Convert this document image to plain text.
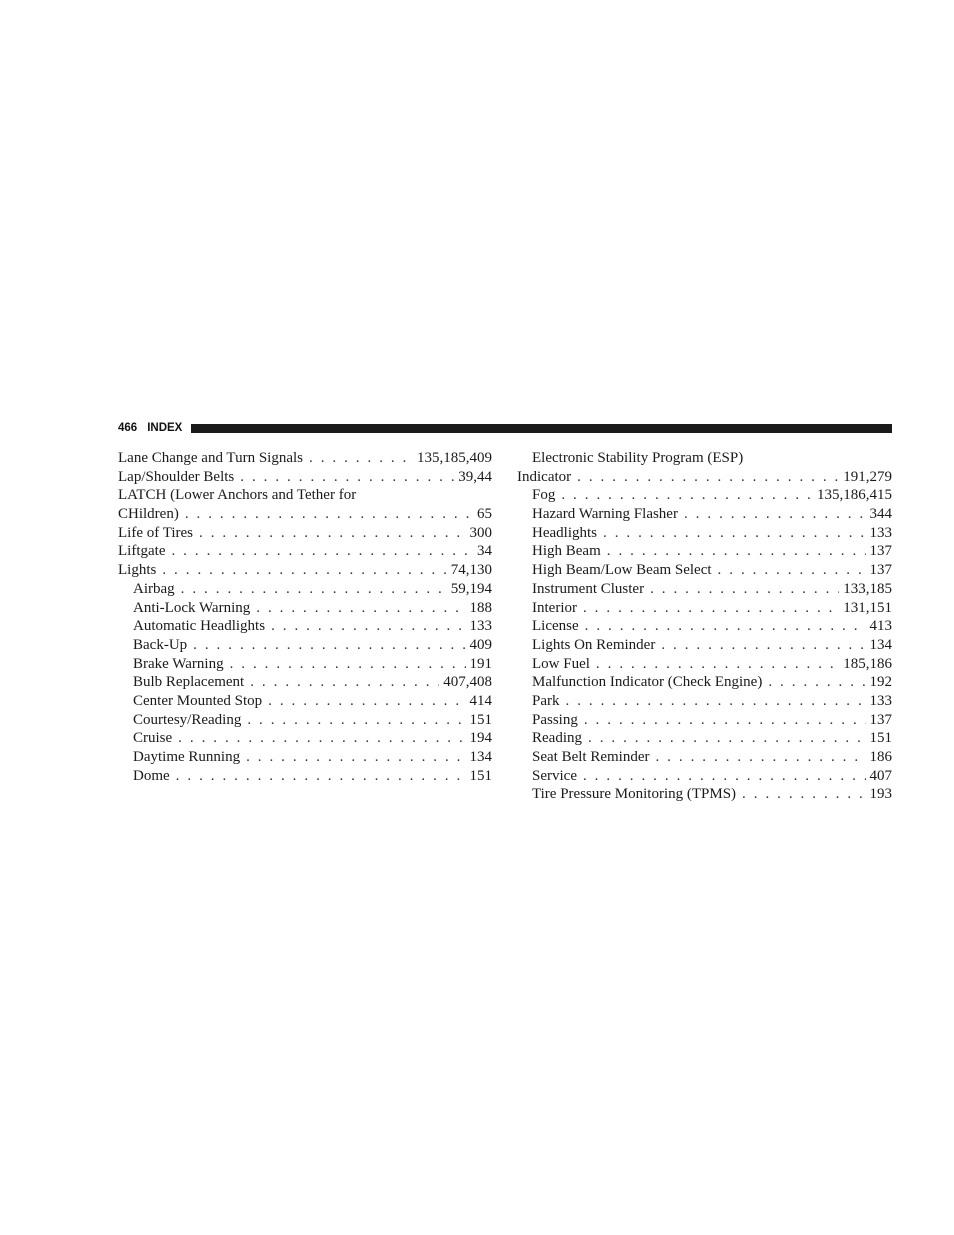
466 INDEX
Lane Change and Turn Signals . . .	135,185,409
Lap/Shoulder Belts . . .	39,44
LATCH (Lower Anchors and Tether for
CHildren) . . .	65
Life of Tires . . .	300
Liftgate . . .	34
Lights . . .	74,130
Airbag . . .	59,194
Anti-Lock Warning . . .	188
Automatic Headlights . . .	133
Back-Up . . .	409
Brake Warning . . .	191
Bulb Replacement . . .	407,408
Center Mounted Stop . . .	414
Courtesy/Reading . . .	151
Cruise . . .	194
Daytime Running . . .	134
Dome . . .	151
Electronic Stability Program (ESP)
Indicator . . .	191,279
Fog . . .	135,186,415
Hazard Warning Flasher . . .	344
Headlights . . .	133
High Beam . . .	137
High Beam/Low Beam Select . . .	137
Instrument Cluster . . .	133,185
Interior . . .	131,151
License . . .	413
Lights On Reminder . . .	134
Low Fuel . . .	185,186
Malfunction Indicator (Check Engine) . . .	192
Park . . .	133
Passing . . .	137
Reading . . .	151
Seat Belt Reminder . . .	186
Service . . .	407
Tire Pressure Monitoring (TPMS) . . .	193
